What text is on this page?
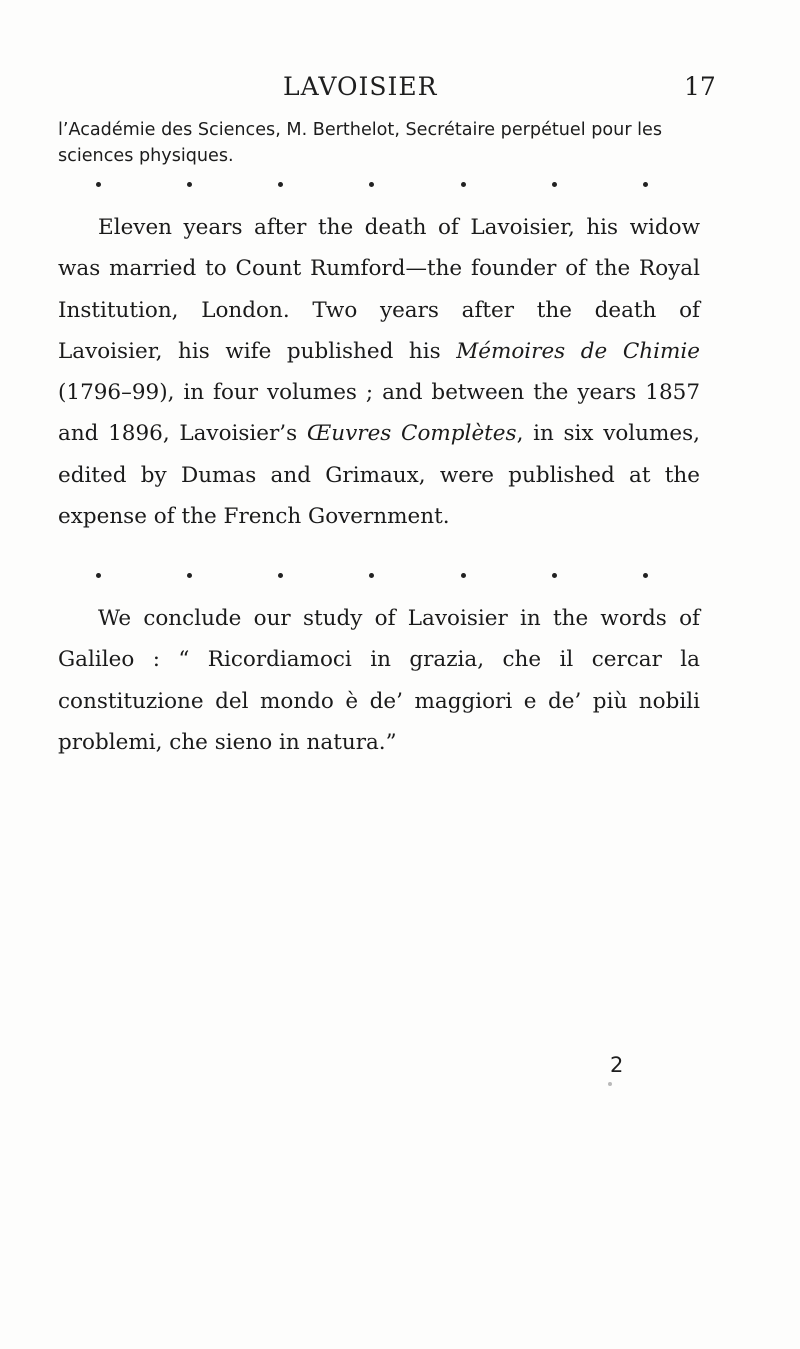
LAVOISIER	17

l’Académie des Sciences, M. Berthelot, Secrétaire perpétuel pour les
sciences physiques.

Eleven years after the death of Lavoisier, his widow was married to Count Rumford—the founder of the Royal Institution, London. Two years after the death of Lavoisier, his wife published his Mémoires de Chimie (1796–99), in four volumes ; and between the years 1857 and 1896, Lavoisier’s Œuvres Complètes, in six volumes, edited by Dumas and Grimaux, were published at the expense of the French Government.

We conclude our study of Lavoisier in the words of Galileo : “ Ricordiamoci in grazia, che il cercar la constituzione del mondo è de’ maggiori e de’ più nobili problemi, che sieno in natura.”

2
